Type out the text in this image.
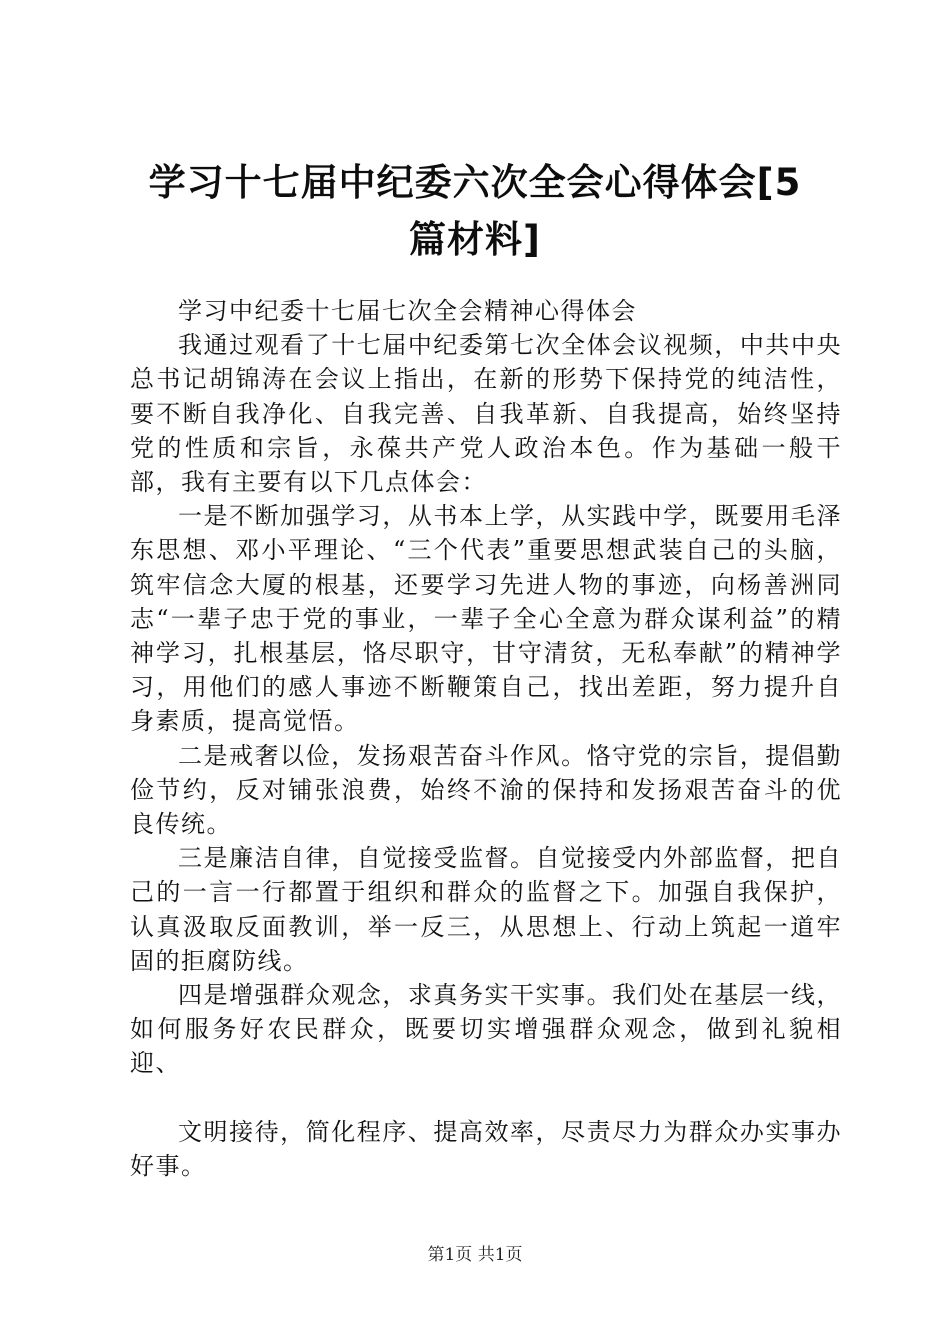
学习十七届中纪委六次全会心得体会[5篇材料]

学习中纪委十七届七次全会精神心得体会

我通过观看了十七届中纪委第七次全体会议视频，中共中央总书记胡锦涛在会议上指出，在新的形势下保持党的纯洁性，要不断自我净化、自我完善、自我革新、自我提高，始终坚持党的性质和宗旨，永葆共产党人政治本色。作为基础一般干部，我有主要有以下几点体会：

一是不断加强学习，从书本上学，从实践中学，既要用毛泽东思想、邓小平理论、“三个代表”重要思想武装自己的头脑，筑牢信念大厦的根基，还要学习先进人物的事迹，向杨善洲同志“一辈子忠于党的事业，一辈子全心全意为群众谋利益”的精神学习，扎根基层，恪尽职守，甘守清贫，无私奉献”的精神学习，用他们的感人事迹不断鞭策自己，找出差距，努力提升自身素质，提高觉悟。

二是戒奢以俭，发扬艰苦奋斗作风。恪守党的宗旨，提倡勤俭节约，反对铺张浪费，始终不渝的保持和发扬艰苦奋斗的优良传统。

三是廉洁自律，自觉接受监督。自觉接受内外部监督，把自己的一言一行都置于组织和群众的监督之下。加强自我保护，认真汲取反面教训，举一反三，从思想上、行动上筑起一道牢固的拒腐防线。

四是增强群众观念，求真务实干实事。我们处在基层一线，如何服务好农民群众，既要切实增强群众观念，做到礼貌相迎、

文明接待，简化程序、提高效率，尽责尽力为群众办实事办好事。

第1页 共1页
